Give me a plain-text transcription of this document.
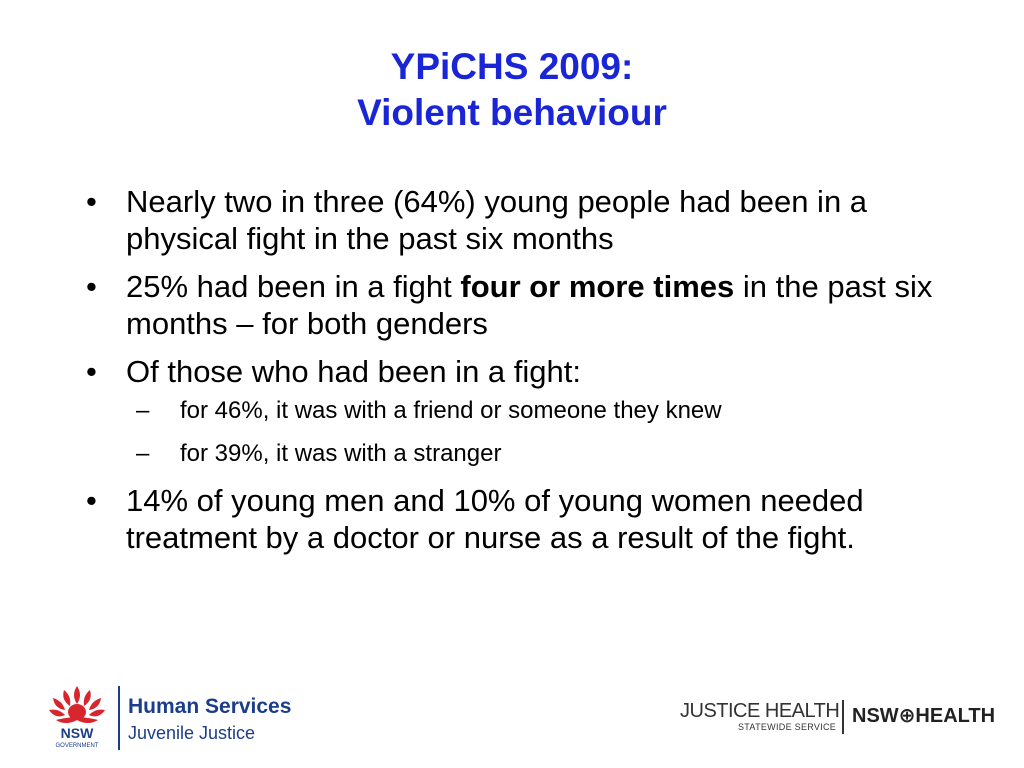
YPiCHS 2009:
Violent behaviour
• Nearly two in three (64%) young people had been in a physical fight in the past six months
• 25% had been in a fight four or more times in the past six months – for both genders
• Of those who had been in a fight:
– for 46%, it was with a friend or someone they knew
– for 39%, it was with a stranger
• 14% of young men and 10% of young women needed treatment by a doctor or nurse as a result of the fight.
NSW
GOVERNMENT
Human Services
Juvenile Justice
JUSTICE HEALTH
STATEWIDE SERVICE NSW⊕HEALTH
